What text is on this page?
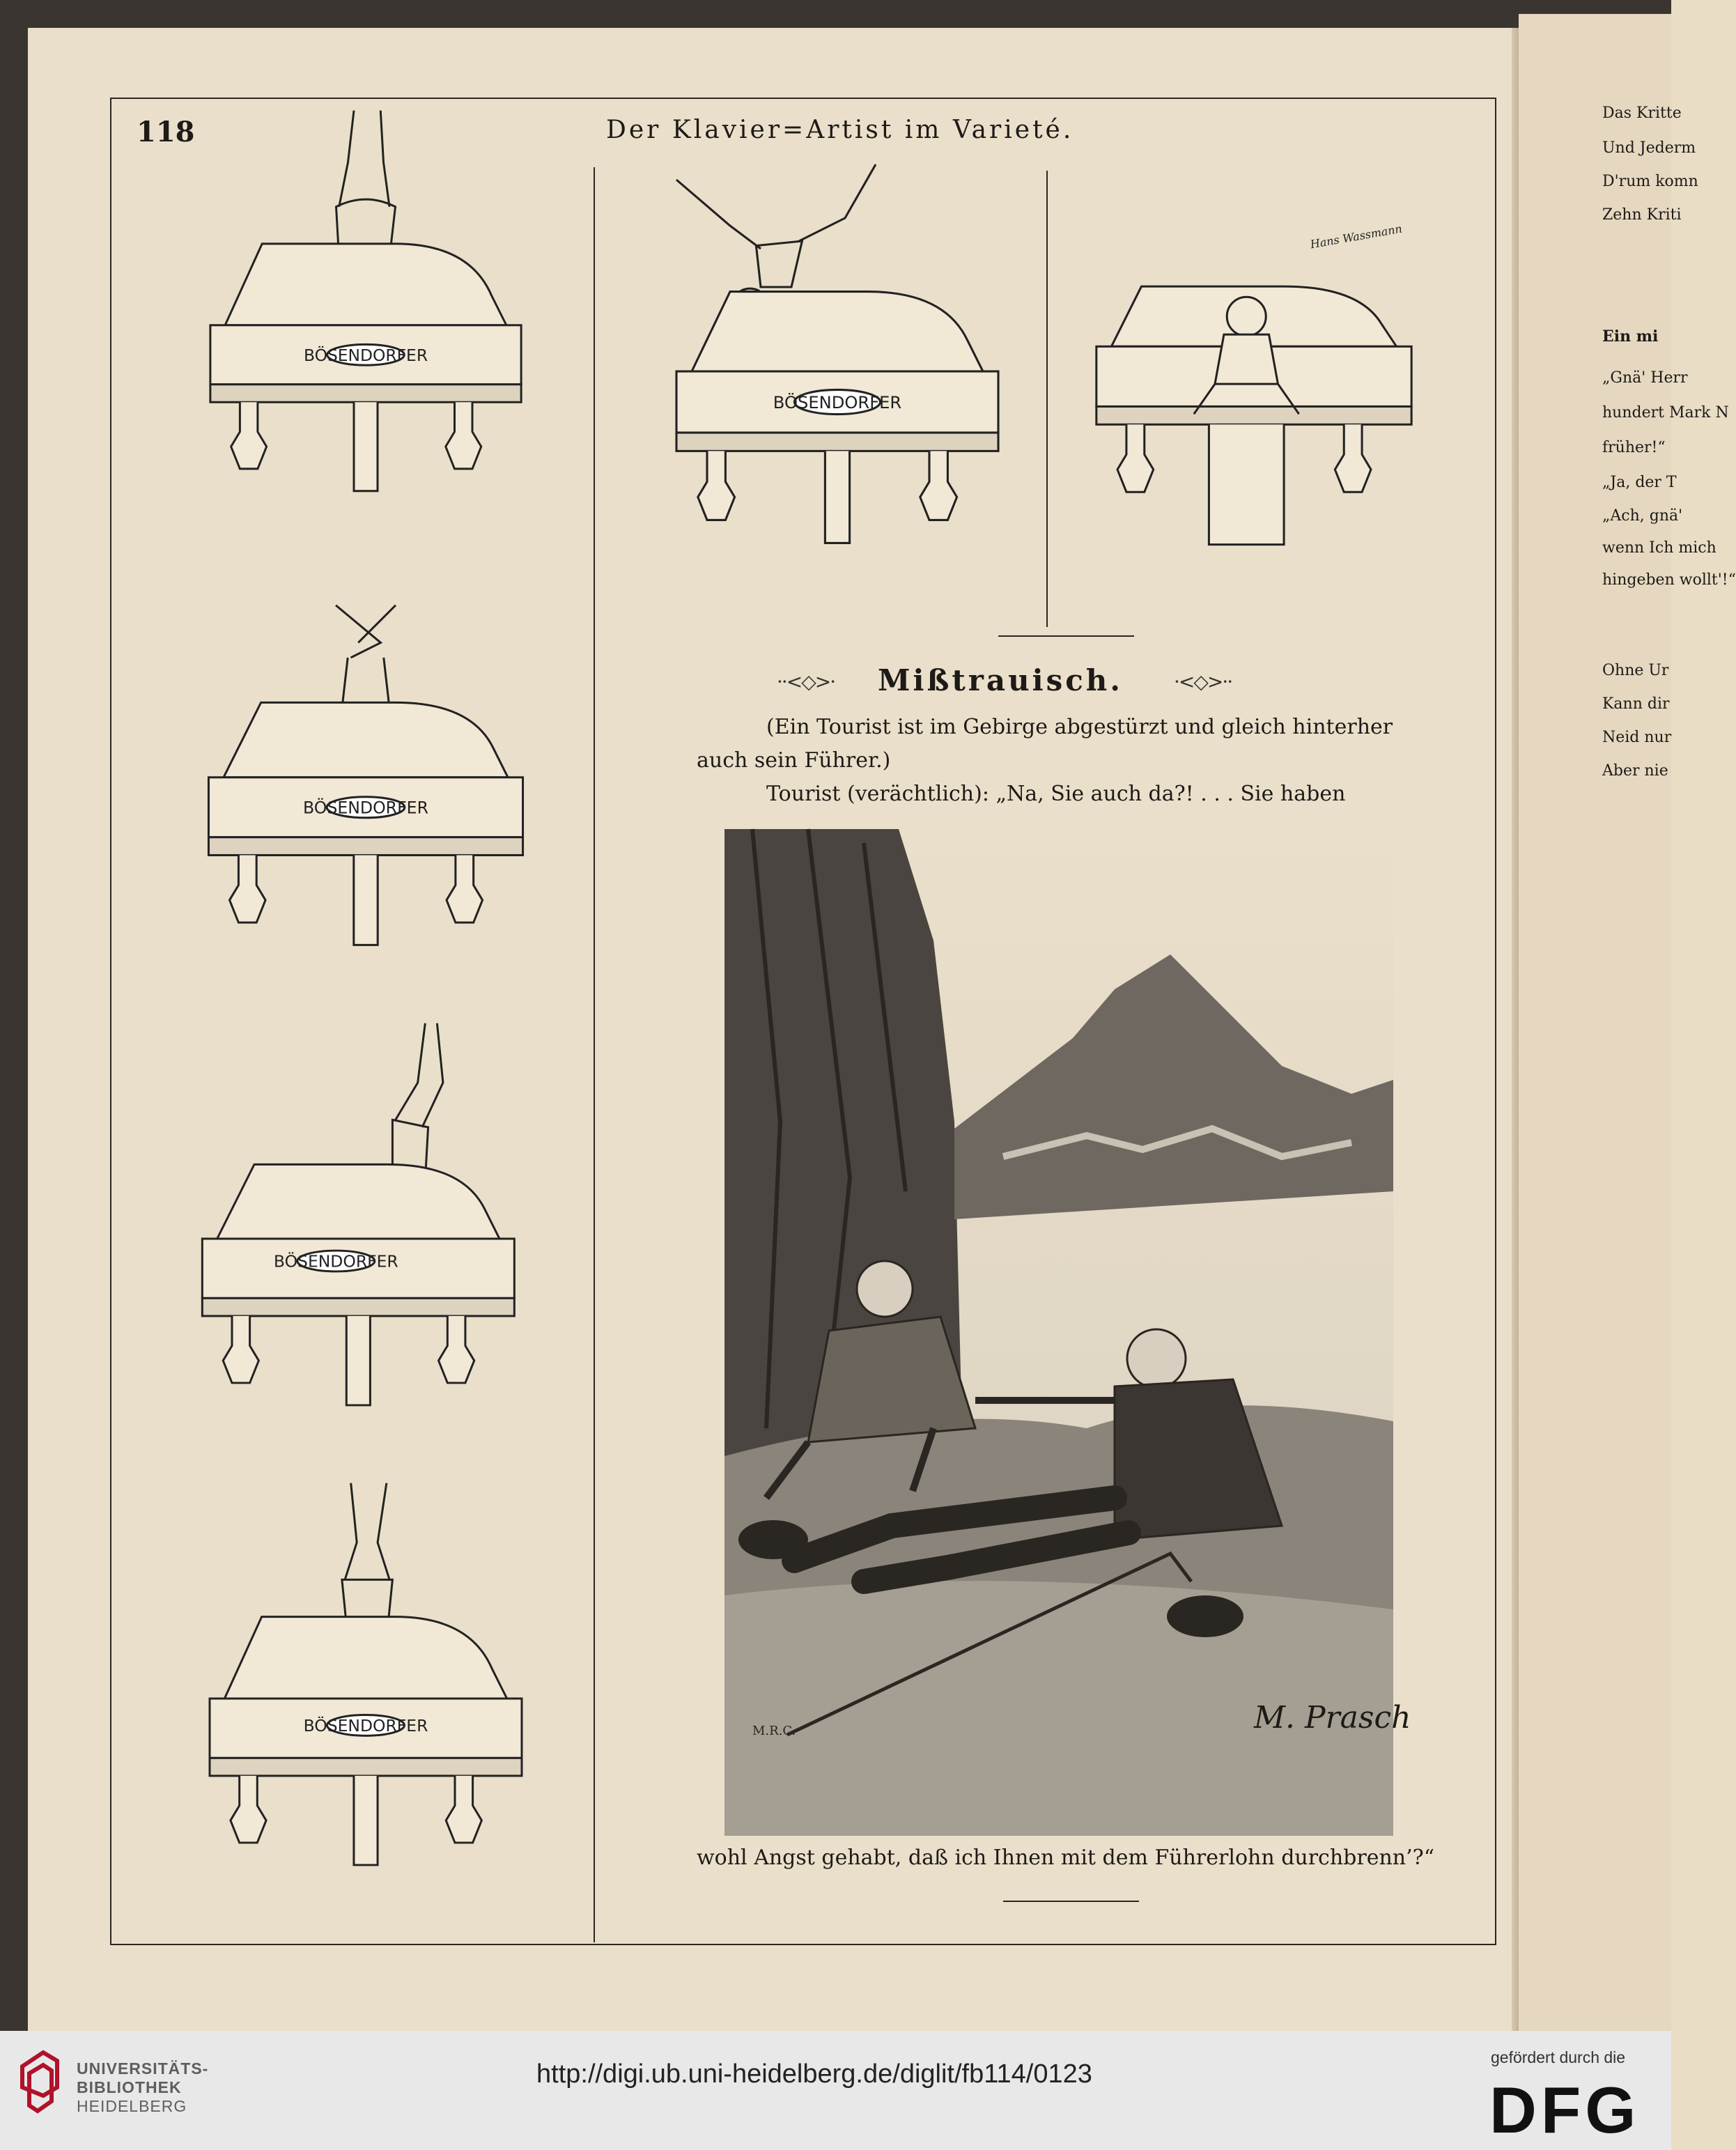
Das Kritte
Und Jederm
D'rum komn
Zehn Kriti
Ein mi
„Gnä' Herr
hundert Mark N
früher!“
„Ja, der T
„Ach, gnä'
wenn Ich mich
hingeben wollt'!“
Ohne Ur
Kann dir
Neid nur
Aber nie
118	Der Klavier=Artist im Varieté.
BÖSENDORFER
BÖSENDORFER
BÖSENDORFER
BÖSENDORFER
BÖSENDORFER
Hans Wassmann
··<◇>· Mißtrauisch.	·<◇>··
(Ein Tourist ist im Gebirge abgestürzt und gleich hinterher
auch sein Führer.)
Tourist (verächtlich): „Na, Sie auch da?! . . . Sie haben
M.R.C.	M. Prasch
wohl Angst gehabt, daß ich Ihnen mit dem Führerlohn durchbrenn’?“
UNIVERSITÄTS-
BIBLIOTHEK
HEIDELBERG
http://digi.ub.uni-heidelberg.de/diglit/fb114/0123
gefördert durch die
DFG
